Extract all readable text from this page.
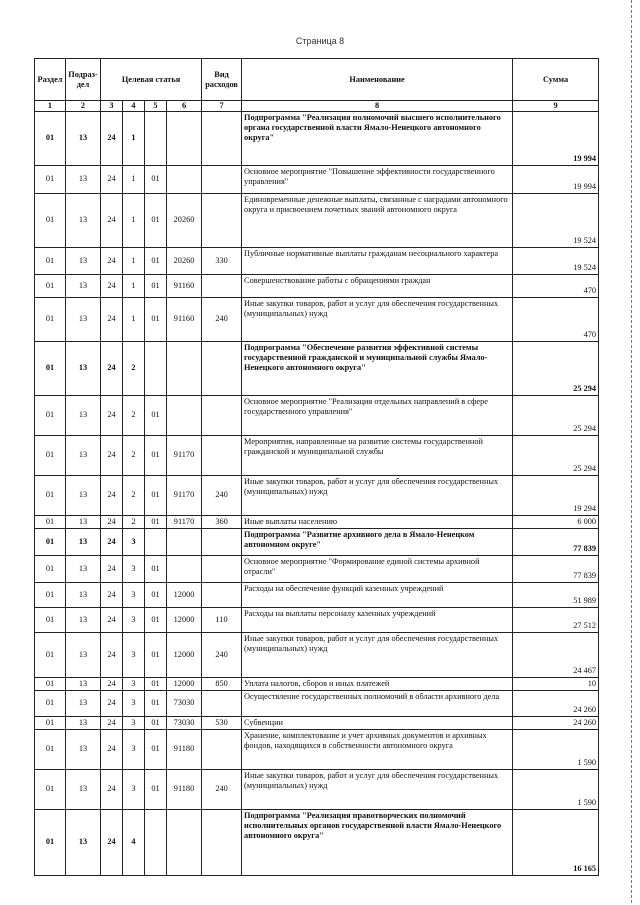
Страница 8
Раздел	Подраз-дел	Целевая статья				Вид расходов	Наименование	Сумма
1	2	3	4	5	6	7	8	9
01	13	24	1				Подпрограмма "Реализация полномочий высшего исполнительного органа государственной власти Ямало-Ненецкого автономного округа"	19 994
01	13	24	1	01			Основное мероприятие "Повышение эффективности государственного управления"	19 994
01	13	24	1	01	20260		Единовременные денежные выплаты, связанные с наградами автономного округа и присвоением почетных званий автономного округа	19 524
01	13	24	1	01	20260	330	Публичные нормативные выплаты гражданам несоциального характера	19 524
01	13	24	1	01	91160		Совершенствование работы с обращениями граждан	470
01	13	24	1	01	91160	240	Иные закупки товаров, работ и услуг для обеспечения государственных (муниципальных) нужд	470
01	13	24	2				Подпрограмма "Обеспечение развития эффективной системы государственной гражданской и муниципальной службы Ямало-Ненецкого автономного округа"	25 294
01	13	24	2	01			Основное мероприятие "Реализация отдельных направлений в сфере государственного управления"	25 294
01	13	24	2	01	91170		Мероприятия, направленные на развитие системы государственной гражданской и муниципальной службы	25 294
01	13	24	2	01	91170	240	Иные закупки товаров, работ и услуг для обеспечения государственных (муниципальных) нужд	19 294
01	13	24	2	01	91170	360	Иные выплаты населению	6 000
01	13	24	3				Подпрограмма "Развитие архивного дела в Ямало-Ненецком автономном округе"	77 839
01	13	24	3	01			Основное мероприятие "Формирование единой системы архивной отрасли"	77 839
01	13	24	3	01	12000		Расходы на обеспечение функций казенных учреждений	51 989
01	13	24	3	01	12000	110	Расходы на выплаты персоналу казенных учреждений	27 512
01	13	24	3	01	12000	240	Иные закупки товаров, работ и услуг для обеспечения государственных (муниципальных) нужд	24 467
01	13	24	3	01	12000	850	Уплата налогов, сборов и иных платежей	10
01	13	24	3	01	73030		Осуществление государственных полномочий в области архивного дела	24 260
01	13	24	3	01	73030	530	Субвенции	24 260
01	13	24	3	01	91180		Хранение, комплектование и учет архивных документов и архивных фондов, находящихся в собственности автономного округа	1 590
01	13	24	3	01	91180	240	Иные закупки товаров, работ и услуг для обеспечения государственных (муниципальных) нужд	1 590
01	13	24	4				Подпрограмма "Реализация правотворческих полномочий исполнительных органов государственной власти Ямало-Ненецкого автономного округа"	16 165
